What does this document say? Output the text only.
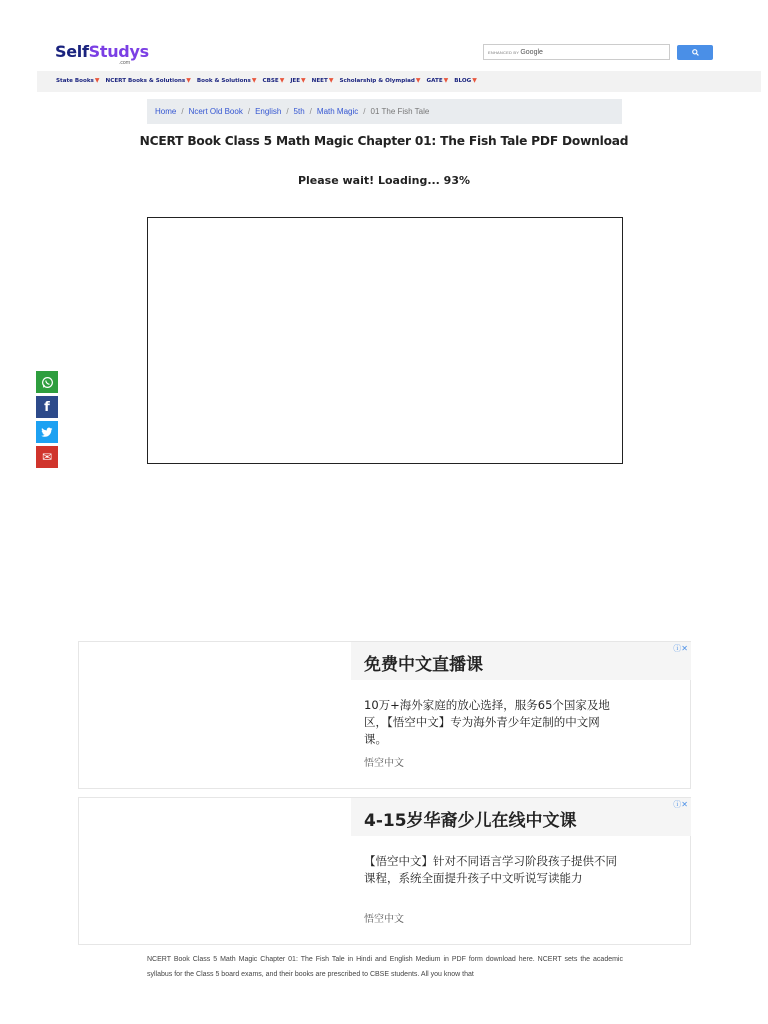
SelfStudys
.com
ENHANCED BY Google
State Books ▼ NCERT Books & Solutions ▼ Book & Solutions ▼ CBSE ▼ JEE ▼ NEET ▼ Scholarship & Olympiad ▼ GATE ▼ BLOG ▼
Home / Ncert Old Book / English / 5th / Math Magic / 01 The Fish Tale
NCERT Book Class 5 Math Magic Chapter 01: The Fish Tale PDF Download
Please wait! Loading... 93%
f
✉
免费中文直播课
10万+海外家庭的放心选择，服务65个国家及地区，【悟空中文】专为海外青少年定制的中文网课。
悟空中文
ⓘ✕
4-15岁华裔少儿在线中文课
【悟空中文】针对不同语言学习阶段孩子提供不同课程，系统全面提升孩子中文听说写读能力
悟空中文
ⓘ✕
NCERT Book Class 5 Math Magic Chapter 01: The Fish Tale in Hindi and English Medium in PDF form download here. NCERT sets the academic syllabus for the Class 5 board exams, and their books are prescribed to CBSE students. All you know that
